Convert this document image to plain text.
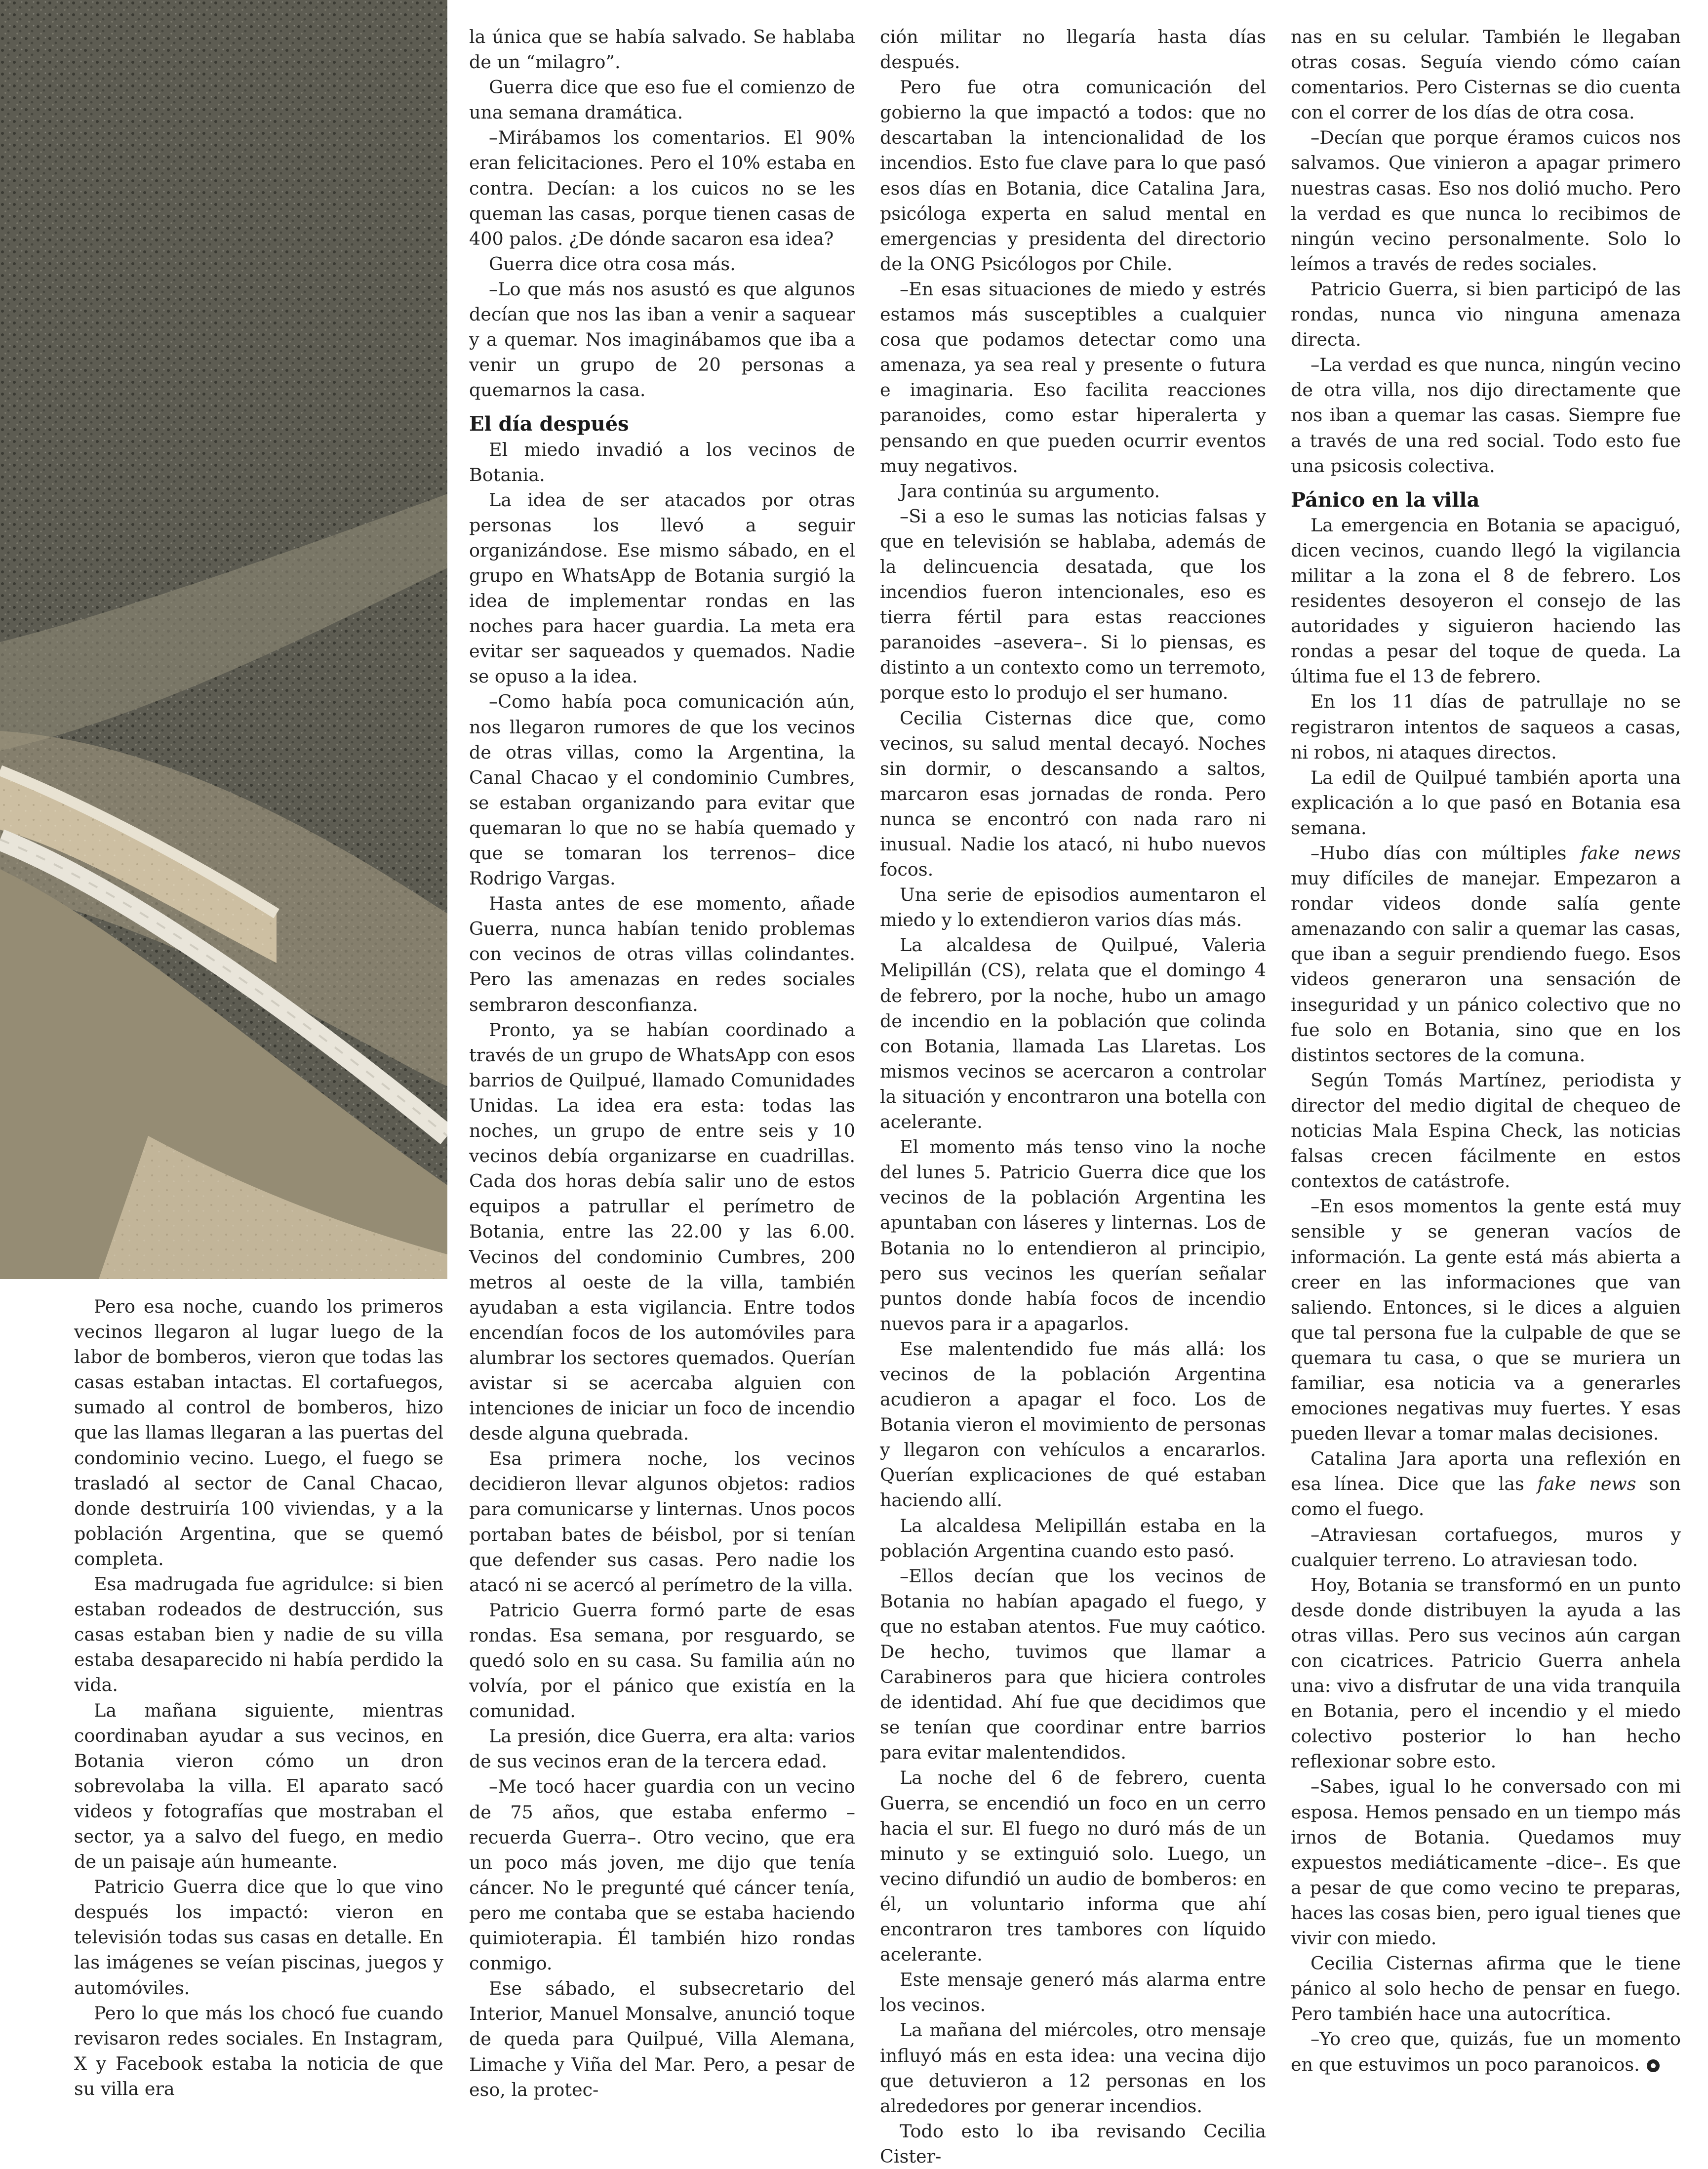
Pero esa noche, cuando los primeros vecinos llegaron al lugar luego de la labor de bomberos, vieron que todas las casas estaban intactas. El cortafuegos, sumado al control de bomberos, hizo que las llamas llegaran a las puertas del condominio vecino. Luego, el fuego se trasladó al sector de Canal Chacao, donde destruiría 100 viviendas, y a la población Argentina, que se quemó completa.

Esa madrugada fue agridulce: si bien estaban rodeados de destrucción, sus casas estaban bien y nadie de su villa estaba desaparecido ni había perdido la vida.

La mañana siguiente, mientras coordinaban ayudar a sus vecinos, en Botania vieron cómo un dron sobrevolaba la villa. El aparato sacó videos y fotografías que mostraban el sector, ya a salvo del fuego, en medio de un paisaje aún humeante.

Patricio Guerra dice que lo que vino después los impactó: vieron en televisión todas sus casas en detalle. En las imágenes se veían piscinas, juegos y automóviles.

Pero lo que más los chocó fue cuando revisaron redes sociales. En Instagram, X y Facebook estaba la noticia de que su villa era

la única que se había salvado. Se hablaba de un “milagro”.

Guerra dice que eso fue el comienzo de una semana dramática.

–Mirábamos los comentarios. El 90% eran felicitaciones. Pero el 10% estaba en contra. Decían: a los cuicos no se les queman las casas, porque tienen casas de 400 palos. ¿De dónde sacaron esa idea?

Guerra dice otra cosa más.

–Lo que más nos asustó es que algunos decían que nos las iban a venir a saquear y a quemar. Nos imaginábamos que iba a venir un grupo de 20 personas a quemarnos la casa.

El día después

El miedo invadió a los vecinos de Botania.

La idea de ser atacados por otras personas los llevó a seguir organizándose. Ese mismo sábado, en el grupo en WhatsApp de Botania surgió la idea de implementar rondas en las noches para hacer guardia. La meta era evitar ser saqueados y quemados. Nadie se opuso a la idea.

–Como había poca comunicación aún, nos llegaron rumores de que los vecinos de otras villas, como la Argentina, la Canal Chacao y el condominio Cumbres, se estaban organizando para evitar que quemaran lo que no se había quemado y que se tomaran los terrenos– dice Rodrigo Vargas.

Hasta antes de ese momento, añade Guerra, nunca habían tenido problemas con vecinos de otras villas colindantes. Pero las amenazas en redes sociales sembraron desconfianza.

Pronto, ya se habían coordinado a través de un grupo de WhatsApp con esos barrios de Quilpué, llamado Comunidades Unidas. La idea era esta: todas las noches, un grupo de entre seis y 10 vecinos debía organizarse en cuadrillas. Cada dos horas debía salir uno de estos equipos a patrullar el perímetro de Botania, entre las 22.00 y las 6.00. Vecinos del condominio Cumbres, 200 metros al oeste de la villa, también ayudaban a esta vigilancia. Entre todos encendían focos de los automóviles para alumbrar los sectores quemados. Querían avistar si se acercaba alguien con intenciones de iniciar un foco de incendio desde alguna quebrada.

Esa primera noche, los vecinos decidieron llevar algunos objetos: radios para comunicarse y linternas. Unos pocos portaban bates de béisbol, por si tenían que defender sus casas. Pero nadie los atacó ni se acercó al perímetro de la villa.

Patricio Guerra formó parte de esas rondas. Esa semana, por resguardo, se quedó solo en su casa. Su familia aún no volvía, por el pánico que existía en la comunidad.

La presión, dice Guerra, era alta: varios de sus vecinos eran de la tercera edad.

–Me tocó hacer guardia con un vecino de 75 años, que estaba enfermo –recuerda Guerra–. Otro vecino, que era un poco más joven, me dijo que tenía cáncer. No le pregunté qué cáncer tenía, pero me contaba que se estaba haciendo quimioterapia. Él también hizo rondas conmigo.

Ese sábado, el subsecretario del Interior, Manuel Monsalve, anunció toque de queda para Quilpué, Villa Alemana, Limache y Viña del Mar. Pero, a pesar de eso, la protec-

ción militar no llegaría hasta días después.

Pero fue otra comunicación del gobierno la que impactó a todos: que no descartaban la intencionalidad de los incendios. Esto fue clave para lo que pasó esos días en Botania, dice Catalina Jara, psicóloga experta en salud mental en emergencias y presidenta del directorio de la ONG Psicólogos por Chile.

–En esas situaciones de miedo y estrés estamos más susceptibles a cualquier cosa que podamos detectar como una amenaza, ya sea real y presente o futura e imaginaria. Eso facilita reacciones paranoides, como estar hiperalerta y pensando en que pueden ocurrir eventos muy negativos.

Jara continúa su argumento.

–Si a eso le sumas las noticias falsas y que en televisión se hablaba, además de la delincuencia desatada, que los incendios fueron intencionales, eso es tierra fértil para estas reacciones paranoides –asevera–. Si lo piensas, es distinto a un contexto como un terremoto, porque esto lo produjo el ser humano.

Cecilia Cisternas dice que, como vecinos, su salud mental decayó. Noches sin dormir, o descansando a saltos, marcaron esas jornadas de ronda. Pero nunca se encontró con nada raro ni inusual. Nadie los atacó, ni hubo nuevos focos.

Una serie de episodios aumentaron el miedo y lo extendieron varios días más.

La alcaldesa de Quilpué, Valeria Melipillán (CS), relata que el domingo 4 de febrero, por la noche, hubo un amago de incendio en la población que colinda con Botania, llamada Las Llaretas. Los mismos vecinos se acercaron a controlar la situación y encontraron una botella con acelerante.

El momento más tenso vino la noche del lunes 5. Patricio Guerra dice que los vecinos de la población Argentina les apuntaban con láseres y linternas. Los de Botania no lo entendieron al principio, pero sus vecinos les querían señalar puntos donde había focos de incendio nuevos para ir a apagarlos.

Ese malentendido fue más allá: los vecinos de la población Argentina acudieron a apagar el foco. Los de Botania vieron el movimiento de personas y llegaron con vehículos a encararlos. Querían explicaciones de qué estaban haciendo allí.

La alcaldesa Melipillán estaba en la población Argentina cuando esto pasó.

–Ellos decían que los vecinos de Botania no habían apagado el fuego, y que no estaban atentos. Fue muy caótico. De hecho, tuvimos que llamar a Carabineros para que hiciera controles de identidad. Ahí fue que decidimos que se tenían que coordinar entre barrios para evitar malentendidos.

La noche del 6 de febrero, cuenta Guerra, se encendió un foco en un cerro hacia el sur. El fuego no duró más de un minuto y se extinguió solo. Luego, un vecino difundió un audio de bomberos: en él, un voluntario informa que ahí encontraron tres tambores con líquido acelerante.

Este mensaje generó más alarma entre los vecinos.

La mañana del miércoles, otro mensaje influyó más en esta idea: una vecina dijo que detuvieron a 12 personas en los alrededores por generar incendios.

Todo esto lo iba revisando Cecilia Cister-

nas en su celular. También le llegaban otras cosas. Seguía viendo cómo caían comentarios. Pero Cisternas se dio cuenta con el correr de los días de otra cosa.

–Decían que porque éramos cuicos nos salvamos. Que vinieron a apagar primero nuestras casas. Eso nos dolió mucho. Pero la verdad es que nunca lo recibimos de ningún vecino personalmente. Solo lo leímos a través de redes sociales.

Patricio Guerra, si bien participó de las rondas, nunca vio ninguna amenaza directa.

–La verdad es que nunca, ningún vecino de otra villa, nos dijo directamente que nos iban a quemar las casas. Siempre fue a través de una red social. Todo esto fue una psicosis colectiva.

Pánico en la villa

La emergencia en Botania se apaciguó, dicen vecinos, cuando llegó la vigilancia militar a la zona el 8 de febrero. Los residentes desoyeron el consejo de las autoridades y siguieron haciendo las rondas a pesar del toque de queda. La última fue el 13 de febrero.

En los 11 días de patrullaje no se registraron intentos de saqueos a casas, ni robos, ni ataques directos.

La edil de Quilpué también aporta una explicación a lo que pasó en Botania esa semana.

–Hubo días con múltiples fake news muy difíciles de manejar. Empezaron a rondar videos donde salía gente amenazando con salir a quemar las casas, que iban a seguir prendiendo fuego. Esos videos generaron una sensación de inseguridad y un pánico colectivo que no fue solo en Botania, sino que en los distintos sectores de la comuna.

Según Tomás Martínez, periodista y director del medio digital de chequeo de noticias Mala Espina Check, las noticias falsas crecen fácilmente en estos contextos de catástrofe.

–En esos momentos la gente está muy sensible y se generan vacíos de información. La gente está más abierta a creer en las informaciones que van saliendo. Entonces, si le dices a alguien que tal persona fue la culpable de que se quemara tu casa, o que se muriera un familiar, esa noticia va a generarles emociones negativas muy fuertes. Y esas pueden llevar a tomar malas decisiones.

Catalina Jara aporta una reflexión en esa línea. Dice que las fake news son como el fuego.

–Atraviesan cortafuegos, muros y cualquier terreno. Lo atraviesan todo.

Hoy, Botania se transformó en un punto desde donde distribuyen la ayuda a las otras villas. Pero sus vecinos aún cargan con cicatrices. Patricio Guerra anhela una: vivo a disfrutar de una vida tranquila en Botania, pero el incendio y el miedo colectivo posterior lo han hecho reflexionar sobre esto.

–Sabes, igual lo he conversado con mi esposa. Hemos pensado en un tiempo más irnos de Botania. Quedamos muy expuestos mediáticamente –dice–. Es que a pesar de que como vecino te preparas, haces las cosas bien, pero igual tienes que vivir con miedo.

Cecilia Cisternas afirma que le tiene pánico al solo hecho de pensar en fuego. Pero también hace una autocrítica.

–Yo creo que, quizás, fue un momento en que estuvimos un poco paranoicos.
